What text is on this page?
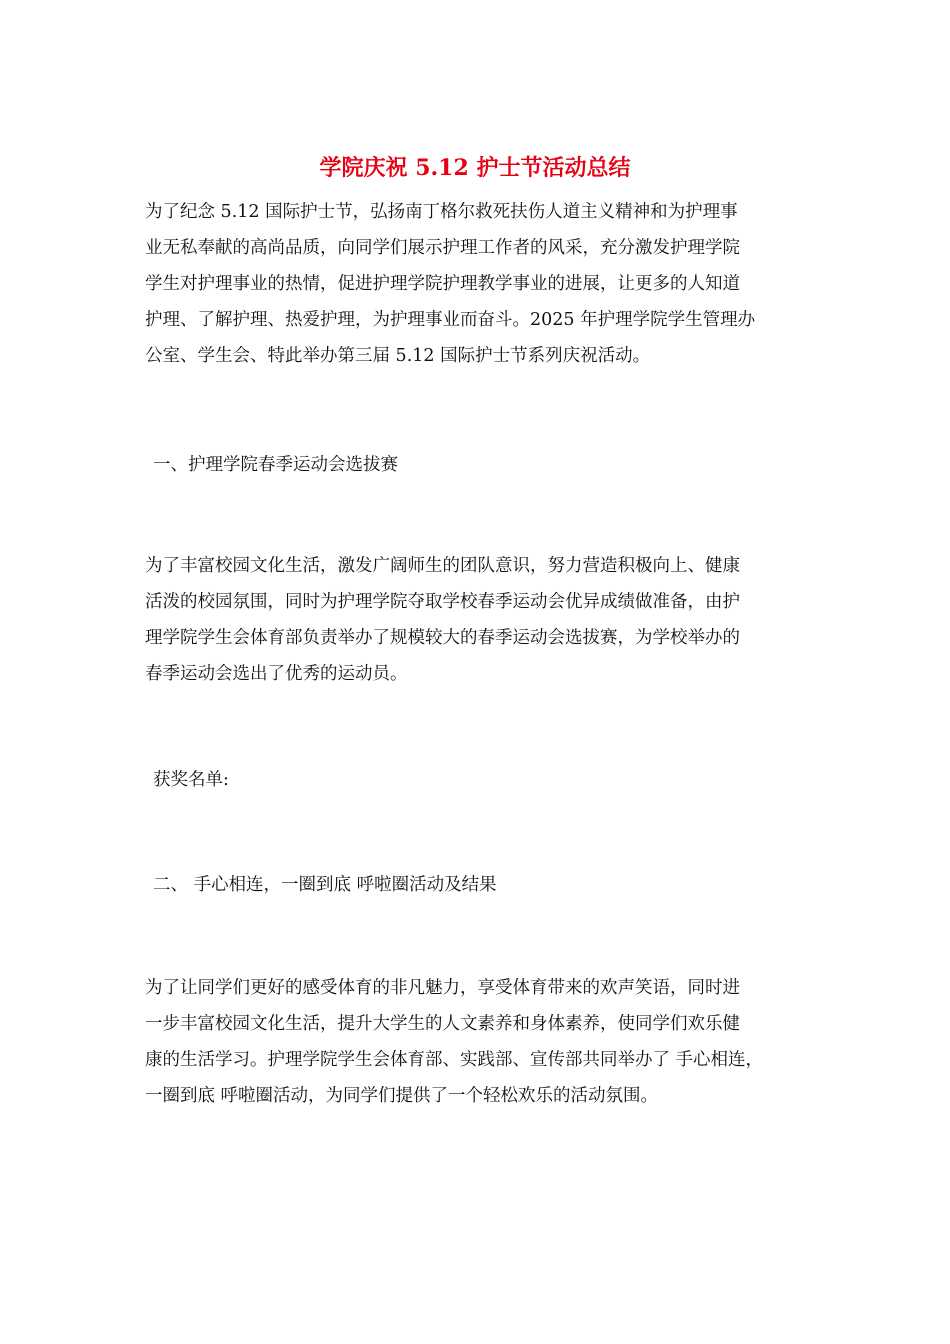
学院庆祝 5.12 护士节活动总结

为了纪念 5.12 国际护士节，弘扬南丁格尔救死扶伤人道主义精神和为护理事
业无私奉献的高尚品质，向同学们展示护理工作者的风采，充分激发护理学院
学生对护理事业的热情，促进护理学院护理教学事业的进展，让更多的人知道
护理、了解护理、热爱护理，为护理事业而奋斗。2025 年护理学院学生管理办
公室、学生会、特此举办第三届 5.12 国际护士节系列庆祝活动。

一、护理学院春季运动会选拔赛

为了丰富校园文化生活，激发广阔师生的团队意识，努力营造积极向上、健康
活泼的校园氛围，同时为护理学院夺取学校春季运动会优异成绩做准备，由护
理学院学生会体育部负责举办了规模较大的春季运动会选拔赛，为学校举办的
春季运动会选出了优秀的运动员。

获奖名单:

二、 手心相连，一圈到底 呼啦圈活动及结果

为了让同学们更好的感受体育的非凡魅力，享受体育带来的欢声笑语，同时进
一步丰富校园文化生活，提升大学生的人文素养和身体素养，使同学们欢乐健
康的生活学习。护理学院学生会体育部、实践部、宣传部共同举办了 手心相连，
一圈到底 呼啦圈活动，为同学们提供了一个轻松欢乐的活动氛围。
